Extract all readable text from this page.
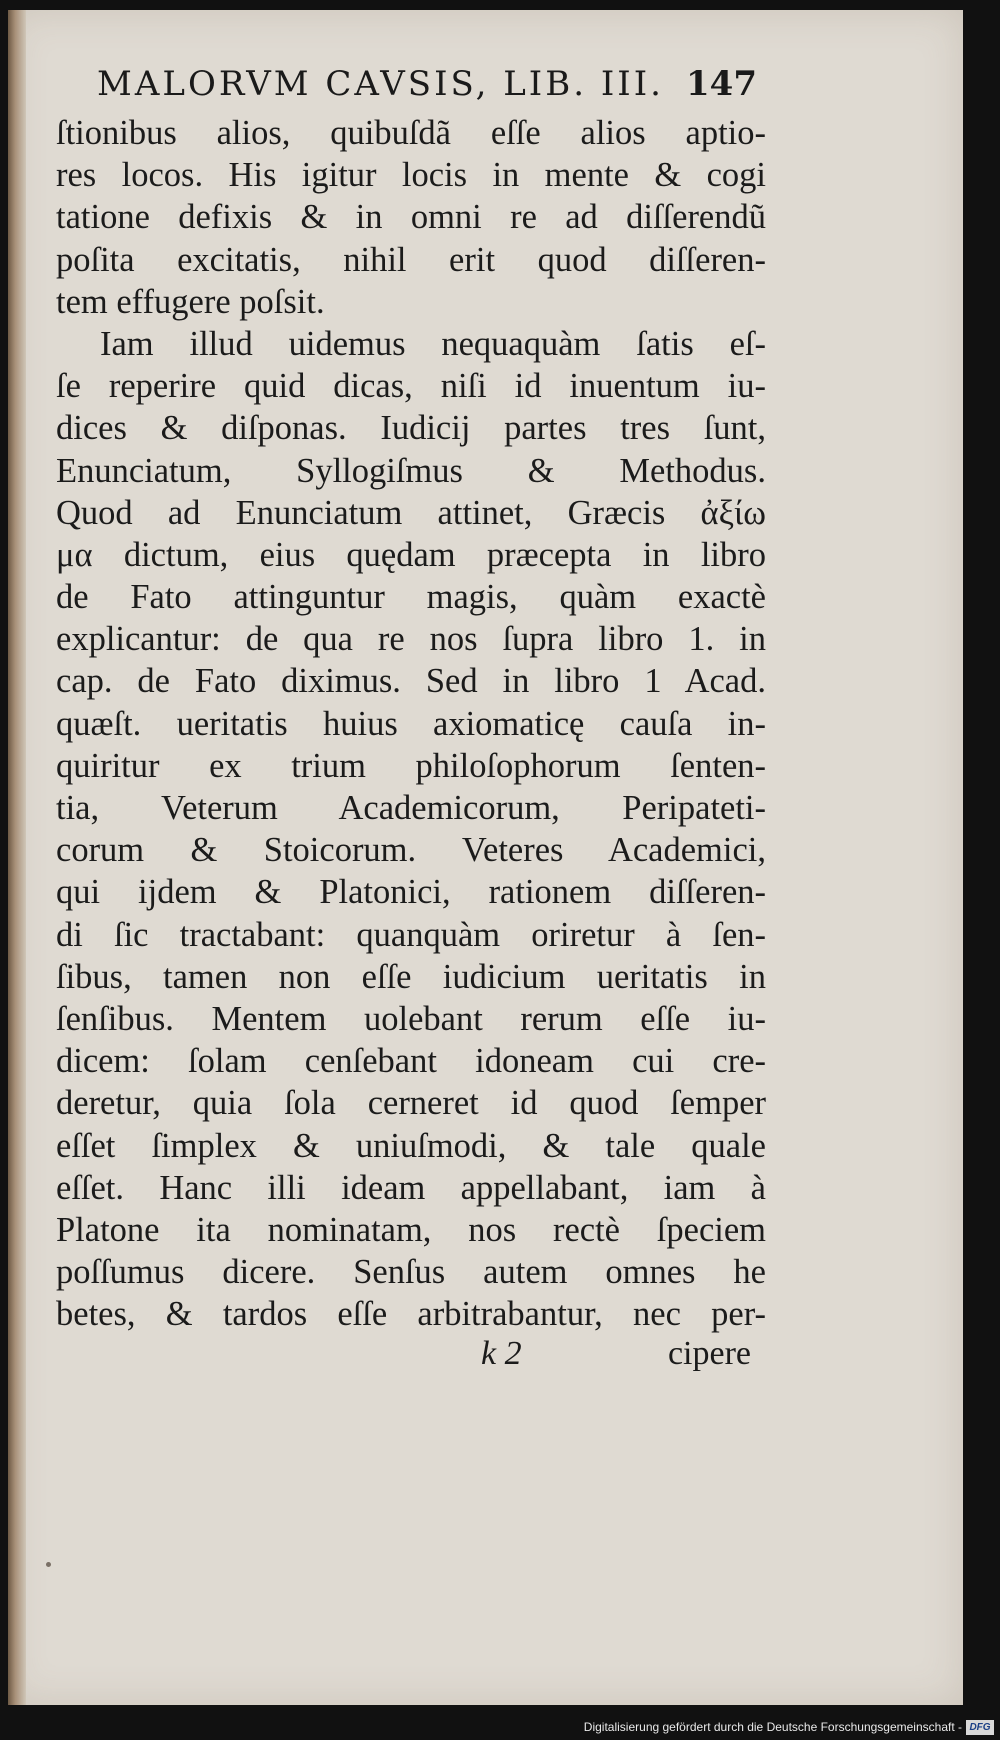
MALORVM CAVSIS, LIB. III. 147
ſtionibus alios, quibuſdã eſſe alios aptio-
res locos. His igitur locis in mente & cogi
tatione defixis & in omni re ad diſſerendũ
poſita excitatis, nihil erit quod diſſeren-
tem effugere poſsit.
Iam illud uidemus nequaquàm ſatis eſ-
ſe reperire quid dicas, niſi id inuentum iu-
dices & diſponas. Iudicij partes tres ſunt,
Enunciatum, Syllogiſmus & Methodus.
Quod ad Enunciatum attinet, Græcis ἀξίω
μα dictum, eius quędam præcepta in libro
de Fato attinguntur magis, quàm exactè
explicantur: de qua re nos ſupra libro 1. in
cap. de Fato diximus. Sed in libro 1 Acad.
quæſt. ueritatis huius axiomaticę cauſa in-
quiritur ex trium philoſophorum ſenten-
tia, Veterum Academicorum, Peripateti-
corum & Stoicorum. Veteres Academici,
qui ijdem & Platonici, rationem diſſeren-
di ſic tractabant: quanquàm oriretur à ſen-
ſibus, tamen non eſſe iudicium ueritatis in
ſenſibus. Mentem uolebant rerum eſſe iu-
dicem: ſolam cenſebant idoneam cui cre-
deretur, quia ſola cerneret id quod ſemper
eſſet ſimplex & uniuſmodi, & tale quale
eſſet. Hanc illi ideam appellabant, iam à
Platone ita nominatam, nos rectè ſpeciem
poſſumus dicere. Senſus autem omnes he
betes, & tardos eſſe arbitrabantur, nec per-
k 2	cipere
Digitalisierung gefördert durch die Deutsche Forschungsgemeinschaft - DFG
